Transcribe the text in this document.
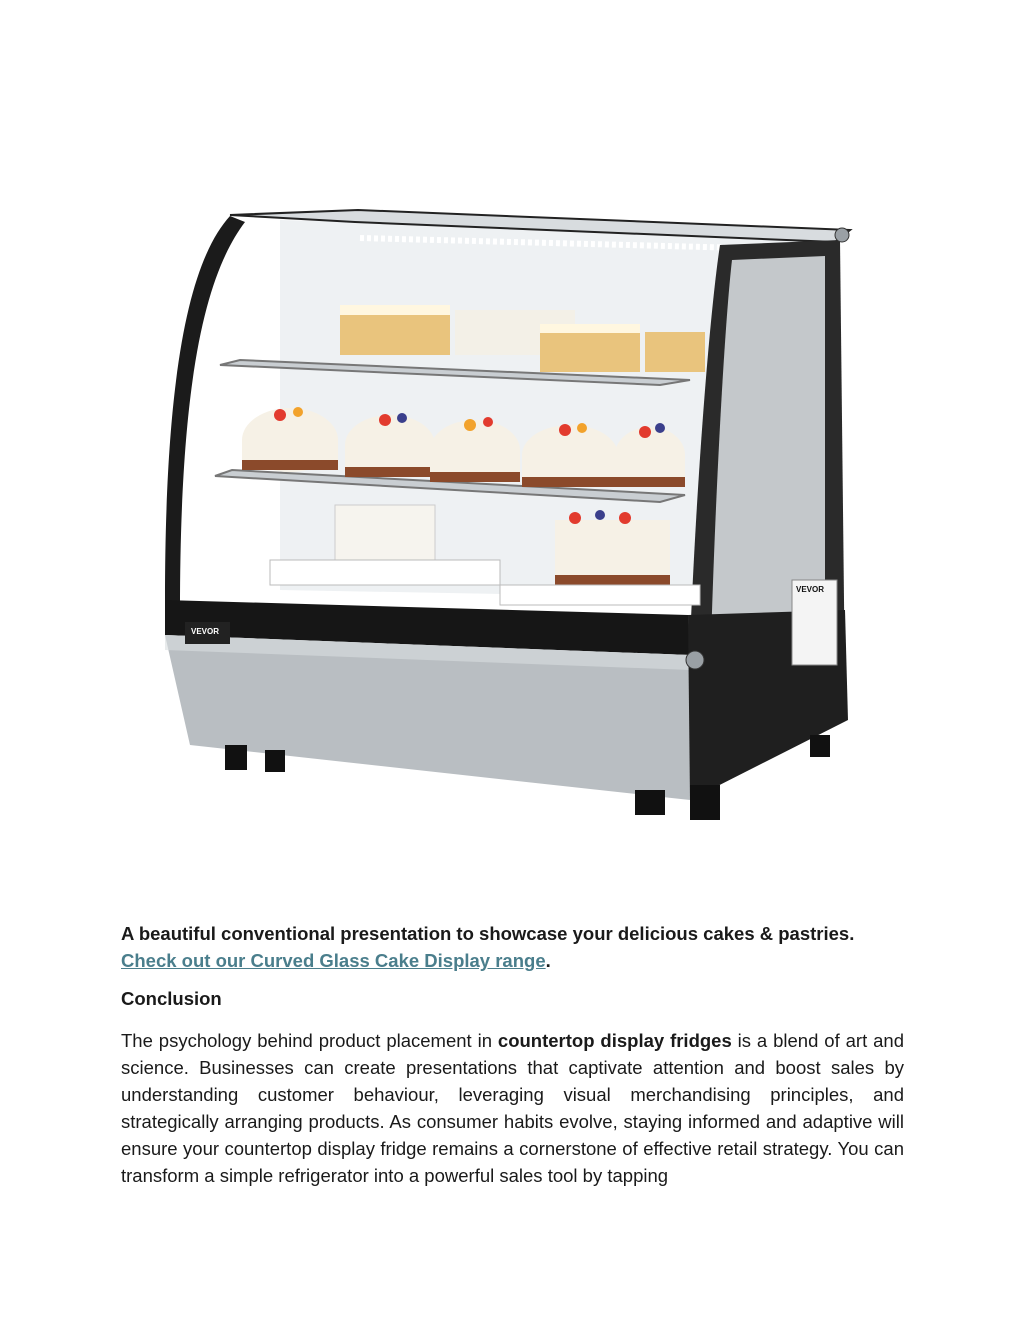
VEVOR
VEVOR
A beautiful conventional presentation to showcase your delicious cakes & pastries.
Check out our Curved Glass Cake Display range.
Conclusion
The psychology behind product placement in countertop display fridges is a blend of art and science. Businesses can create presentations that captivate attention and boost sales by understanding customer behaviour, leveraging visual merchandising principles, and strategically arranging products. As consumer habits evolve, staying informed and adaptive will ensure your countertop display fridge remains a cornerstone of effective retail strategy. You can transform a simple refrigerator into a powerful sales tool by tapping
